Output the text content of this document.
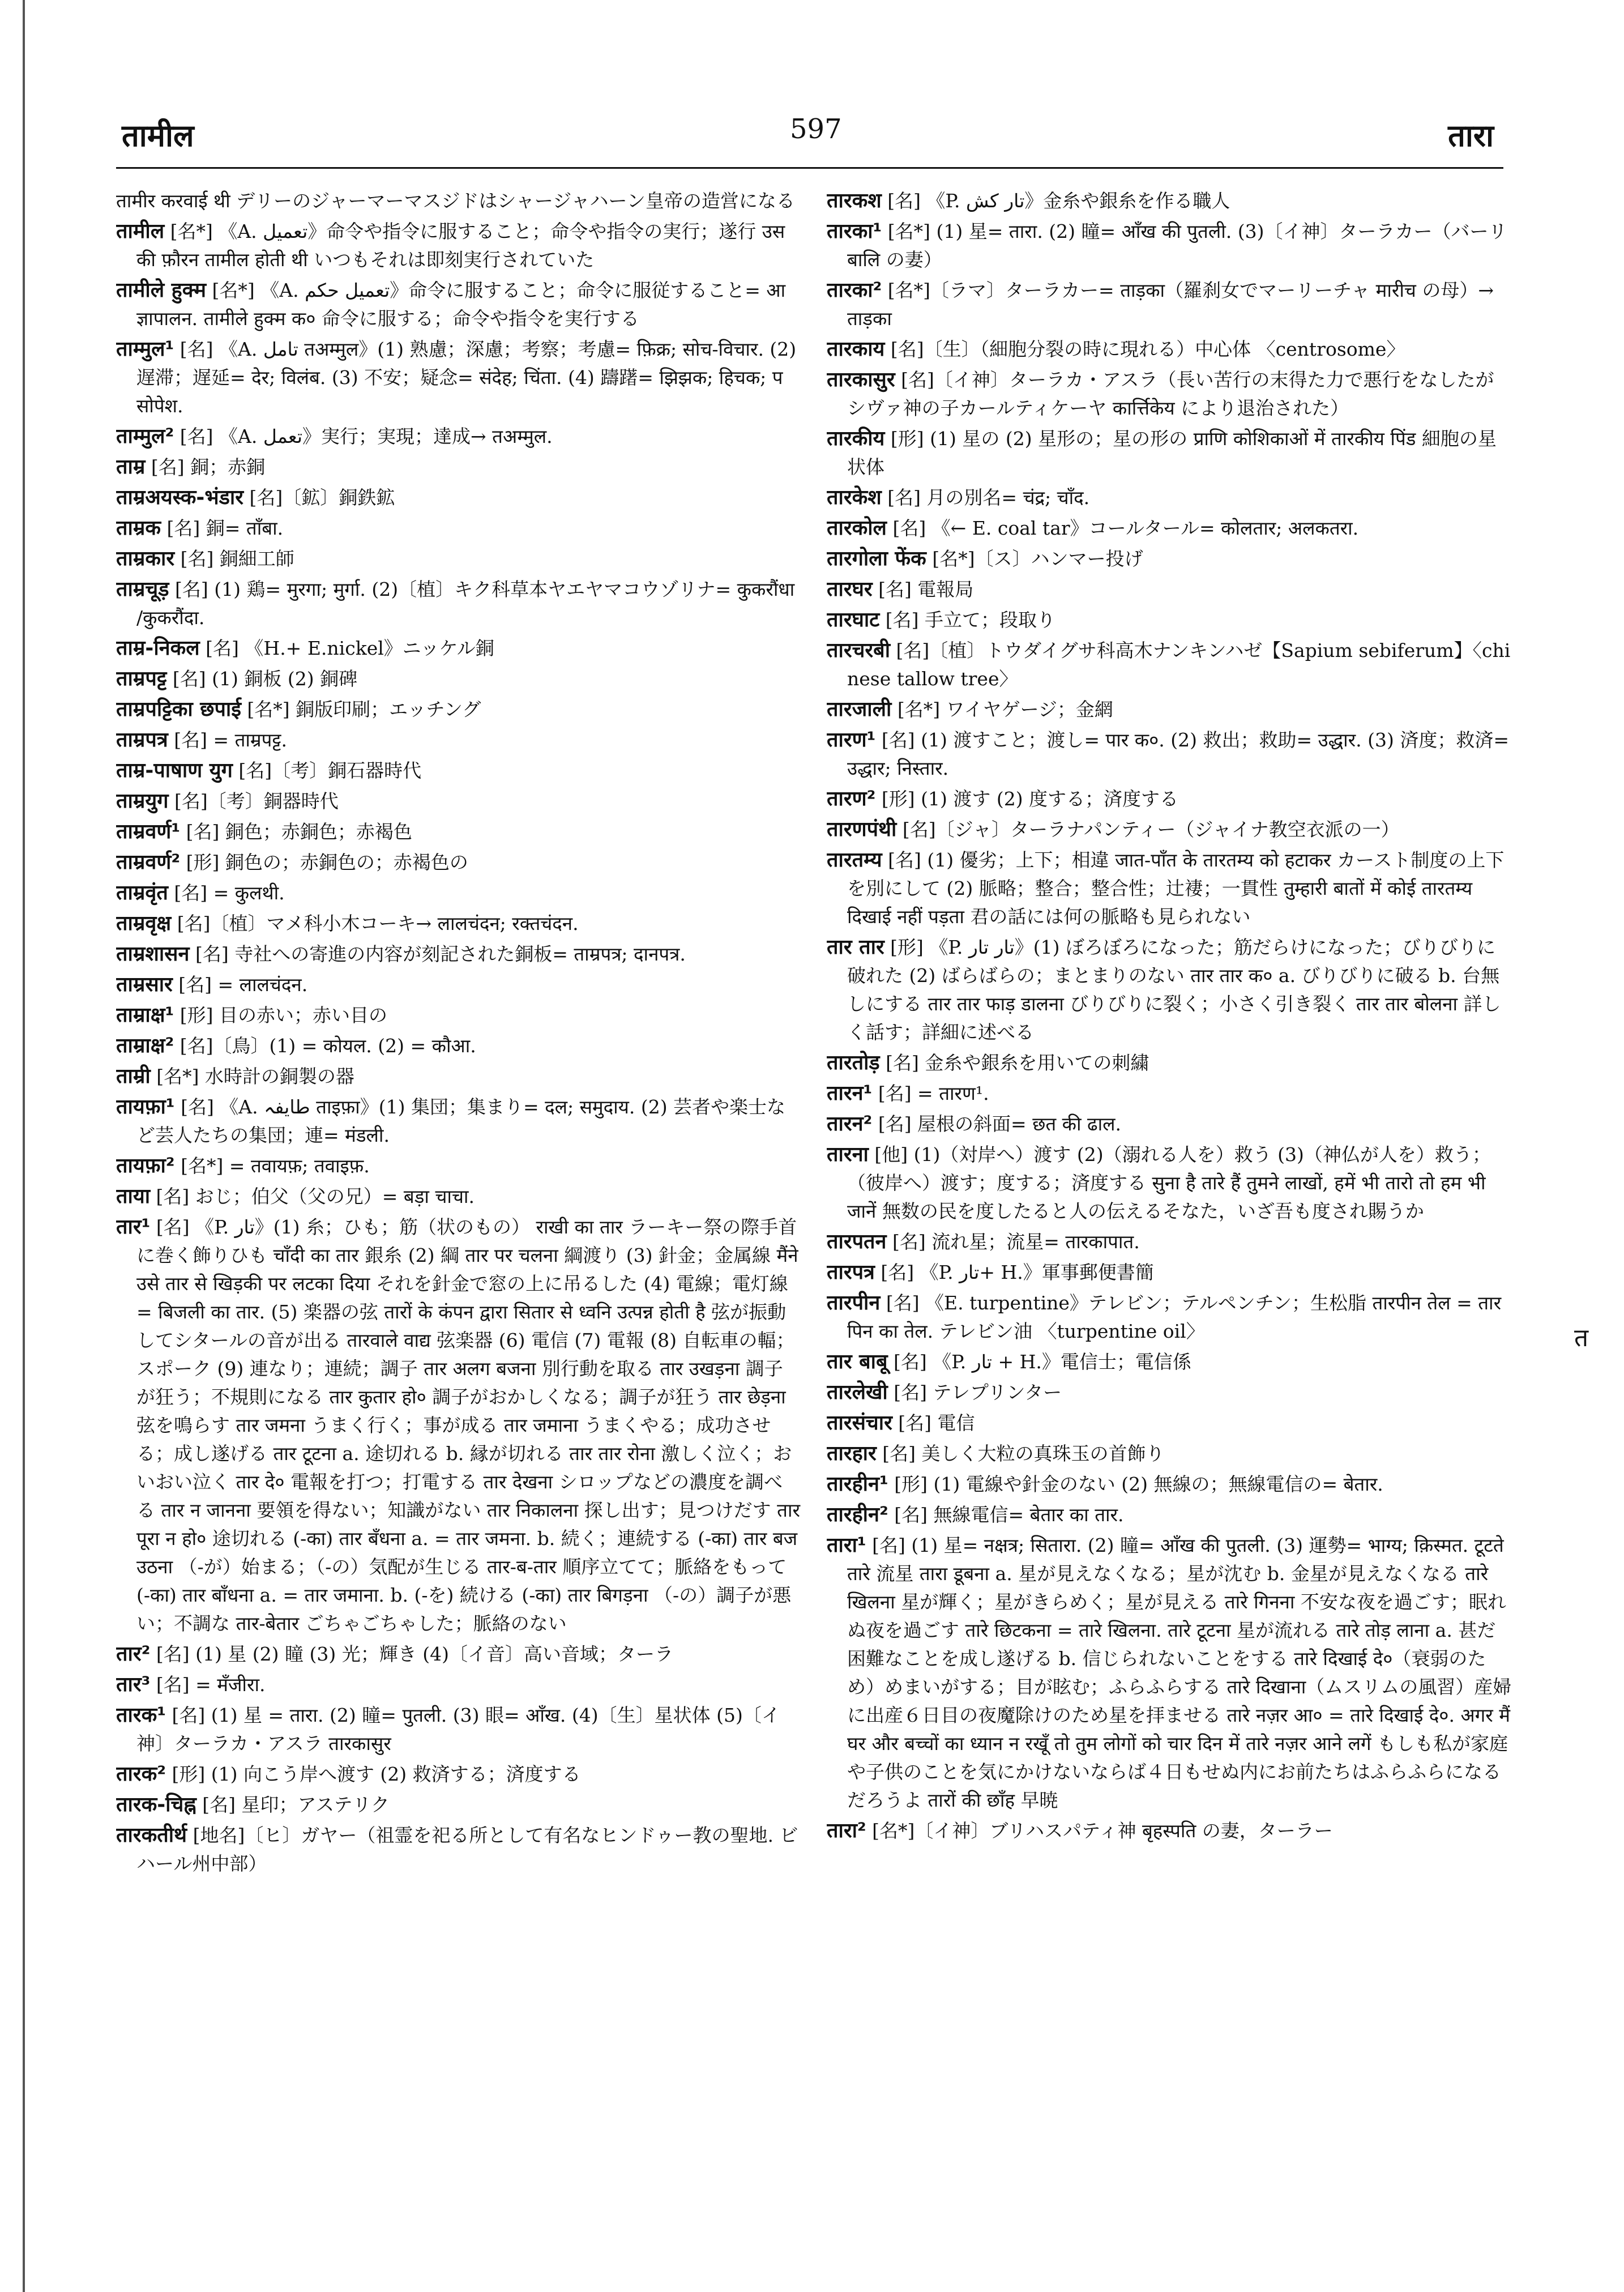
तामील	597	तारा

तामीर करवाई थी デリーのジャーマーマスジドはシャージャハーン皇帝の造営になる

तामील [名*] 《A. تعمیل》命令や指令に服すること；命令や指令の実行；遂行 उसकी फ़ौरन तामील होती थी いつもそれは即刻実行されていた

तामीले हुक्म [名*] 《A. تعمیل حکم》命令に服すること；命令に服従すること= आज्ञापालन. तामीले हुक्म क० 命令に服する；命令や指令を実行する

ताम्मुल¹ [名] 《A. تامل तअम्मुल》(1) 熟慮；深慮；考察；考慮= फ़िक्र; सोच-विचार. (2) 遅滞；遅延= देर; विलंब. (3) 不安；疑念= संदेह; चिंता. (4) 躊躇= झिझक; हिचक; पसोपेश.

ताम्मुल² [名] 《A. تعمل》実行；実現；達成→ तअम्मुल.

ताम्र [名] 銅；赤銅

ताम्रअयस्क-भंडार [名]〔鉱〕銅鉄鉱

ताम्रक [名] 銅= ताँबा.

ताम्रकार [名] 銅細工師

ताम्रचूड़ [名] (1) 鶏= मुरगा; मुर्गा. (2)〔植〕キク科草本ヤエヤマコウゾリナ= कुकरौंधा /कुकरौंदा.

ताम्र-निकल [名] 《H.+ E.nickel》ニッケル銅

ताम्रपट्ट [名] (1) 銅板 (2) 銅碑

ताम्रपट्टिका छपाई [名*] 銅版印刷；エッチング

ताम्रपत्र [名] = ताम्रपट्ट.

ताम्र-पाषाण युग [名]〔考〕銅石器時代

ताम्रयुग [名]〔考〕銅器時代

ताम्रवर्ण¹ [名] 銅色；赤銅色；赤褐色

ताम्रवर्ण² [形] 銅色の；赤銅色の；赤褐色の

ताम्रवृंत [名] = कुलथी.

ताम्रवृक्ष [名]〔植〕マメ科小木コーキ→ लालचंदन; रक्तचंदन.

ताम्रशासन [名] 寺社への寄進の内容が刻記された銅板= ताम्रपत्र; दानपत्र.

ताम्रसार [名] = लालचंदन.

ताम्राक्ष¹ [形] 目の赤い；赤い目の

ताम्राक्ष² [名]〔鳥〕(1) = कोयल. (2) = कौआ.

ताम्री [名*] 水時計の銅製の器

तायफ़ा¹ [名] 《A. طایفہ ताइफ़ा》(1) 集団；集まり= दल; समुदाय. (2) 芸者や楽士など芸人たちの集団；連= मंडली.

तायफ़ा² [名*] = तवायफ़; तवाइफ़.

ताया [名] おじ；伯父（父の兄）= बड़ा चाचा.

तार¹ [名] 《P. تار》(1) 糸；ひも；筋（状のもの） राखी का तार ラーキー祭の際手首に巻く飾りひも चाँदी का तार 銀糸 (2) 綱 तार पर चलना 綱渡り (3) 針金；金属線 मैंने उसे तार से खिड़की पर लटका दिया それを針金で窓の上に吊るした (4) 電線；電灯線= बिजली का तार. (5) 楽器の弦 तारों के कंपन द्वारा सितार से ध्वनि उत्पन्न होती है 弦が振動してシタールの音が出る तारवाले वाद्य 弦楽器 (6) 電信 (7) 電報 (8) 自転車の輻；スポーク (9) 連なり；連続；調子 तार अलग बजना 別行動を取る तार उखड़ना 調子が狂う；不規則になる तार कुतार हो० 調子がおかしくなる；調子が狂う तार छेड़ना 弦を鳴らす तार जमना うまく行く；事が成る तार जमाना うまくやる；成功させる；成し遂げる तार टूटना a. 途切れる b. 縁が切れる तार तार रोना 激しく泣く；おいおい泣く तार दे० 電報を打つ；打電する तार देखना シロップなどの濃度を調べる तार न जानना 要領を得ない；知識がない तार निकालना 探し出す；見つけだす तार पूरा न हो० 途切れる (-का) तार बँधना a. = तार जमना. b. 続く；連続する (-का) तार बज उठना （-が）始まる；（-の）気配が生じる तार-ब-तार 順序立てて；脈絡をもって (-का) तार बाँधना a. = तार जमाना. b. (-を) 続ける (-का) तार बिगड़ना （-の）調子が悪い；不調な तार-बेतार ごちゃごちゃした；脈絡のない

तार² [名] (1) 星 (2) 瞳 (3) 光；輝き (4)〔イ音〕高い音域；ターラ

तार³ [名] = मँजीरा.

तारक¹ [名] (1) 星 = तारा. (2) 瞳= पुतली. (3) 眼= आँख. (4)〔生〕星状体 (5)〔イ神〕ターラカ・アスラ तारकासुर

तारक² [形] (1) 向こう岸へ渡す (2) 救済する；済度する

तारक-चिह्न [名] 星印；アステリク

तारकतीर्थ [地名]〔ヒ〕ガヤー（祖霊を祀る所として有名なヒンドゥー教の聖地. ビハール州中部）

तारकश [名] 《P. تار کش》金糸や銀糸を作る職人

तारका¹ [名*] (1) 星= तारा. (2) 瞳= आँख की पुतली. (3)〔イ神〕ターラカー（バーリ बालि の妻）

तारका² [名*]〔ラマ〕ターラカー= ताड़का（羅刹女でマーリーチャ मारीच の母）→ ताड़का

तारकाय [名]〔生〕（細胞分裂の時に現れる）中心体 〈centrosome〉

तारकासुर [名]〔イ神〕ターラカ・アスラ（長い苦行の末得た力で悪行をなしたがシヴァ神の子カールティケーヤ कार्त्तिकेय により退治された）

तारकीय [形] (1) 星の (2) 星形の；星の形の प्राणि कोशिकाओं में तारकीय पिंड 細胞の星状体

तारकेश [名] 月の別名= चंद्र; चाँद.

तारकोल [名] 《← E. coal tar》コールタール= कोलतार; अलकतरा.

तारगोला फेंक [名*]〔ス〕ハンマー投げ

तारघर [名] 電報局

तारघाट [名] 手立て；段取り

तारचरबी [名]〔植〕トウダイグサ科高木ナンキンハゼ【Sapium sebiferum】〈chinese tallow tree〉

तारजाली [名*] ワイヤゲージ；金網

तारण¹ [名] (1) 渡すこと；渡し= पार क०. (2) 救出；救助= उद्धार. (3) 済度；救済= उद्धार; निस्तार.

तारण² [形] (1) 渡す (2) 度する；済度する

तारणपंथी [名]〔ジャ〕ターラナパンティー（ジャイナ教空衣派の一）

तारतम्य [名] (1) 優劣；上下；相違 जात-पाँत के तारतम्य को हटाकर カースト制度の上下を別にして (2) 脈略；整合；整合性；辻褄；一貫性 तुम्हारी बातों में कोई तारतम्य दिखाई नहीं पड़ता 君の話には何の脈略も見られない

तार तार [形] 《P. تار تار》(1) ぼろぼろになった；筋だらけになった；びりびりに破れた (2) ばらばらの；まとまりのない तार तार क० a. びりびりに破る b. 台無しにする तार तार फाड़ डालना びりびりに裂く；小さく引き裂く तार तार बोलना 詳しく話す；詳細に述べる

तारतोड़ [名] 金糸や銀糸を用いての刺繍

तारन¹ [名] = तारण¹.

तारन² [名] 屋根の斜面= छत की ढाल.

तारना [他] (1)（対岸へ）渡す (2)（溺れる人を）救う (3)（神仏が人を）救う；（彼岸へ）渡す；度する；済度する सुना है तारे हैं तुमने लाखों, हमें भी तारो तो हम भी जानें 無数の民を度したると人の伝えるそなた，いざ吾も度され賜うか

तारपतन [名] 流れ星；流星= तारकापात.

तारपत्र [名] 《P. تار+ H.》軍事郵便書簡

तारपीन [名] 《E. turpentine》テレビン；テルペンチン；生松脂 तारपीन तेल = तारपिन का तेल. テレビン油 〈turpentine oil〉

तार बाबू [名] 《P. تار + H.》電信士；電信係

तारलेखी [名] テレプリンター

तारसंचार [名] 電信

तारहार [名] 美しく大粒の真珠玉の首飾り

तारहीन¹ [形] (1) 電線や針金のない (2) 無線の；無線電信の= बेतार.

तारहीन² [名] 無線電信= बेतार का तार.

तारा¹ [名] (1) 星= नक्षत्र; सितारा. (2) 瞳= आँख की पुतली. (3) 運勢= भाग्य; क़िस्मत. टूटते तारे 流星 तारा डूबना a. 星が見えなくなる；星が沈む b. 金星が見えなくなる तारे खिलना 星が輝く；星がきらめく；星が見える तारे गिनना 不安な夜を過ごす；眠れぬ夜を過ごす तारे छिटकना = तारे खिलना. तारे टूटना 星が流れる तारे तोड़ लाना a. 甚だ困難なことを成し遂げる b. 信じられないことをする तारे दिखाई दे०（衰弱のため）めまいがする；目が眩む；ふらふらする तारे दिखाना（ムスリムの風習）産婦に出産６日目の夜魔除けのため星を拝ませる तारे नज़र आ० = तारे दिखाई दे०. अगर मैं घर और बच्चों का ध्यान न रखूँ तो तुम लोगों को चार दिन में तारे नज़र आने लगें もしも私が家庭や子供のことを気にかけないならば４日もせぬ内にお前たちはふらふらになるだろうよ तारों की छाँह 早暁

तारा² [名*]〔イ神〕ブリハスパティ神 बृहस्पति の妻，ターラー

त
